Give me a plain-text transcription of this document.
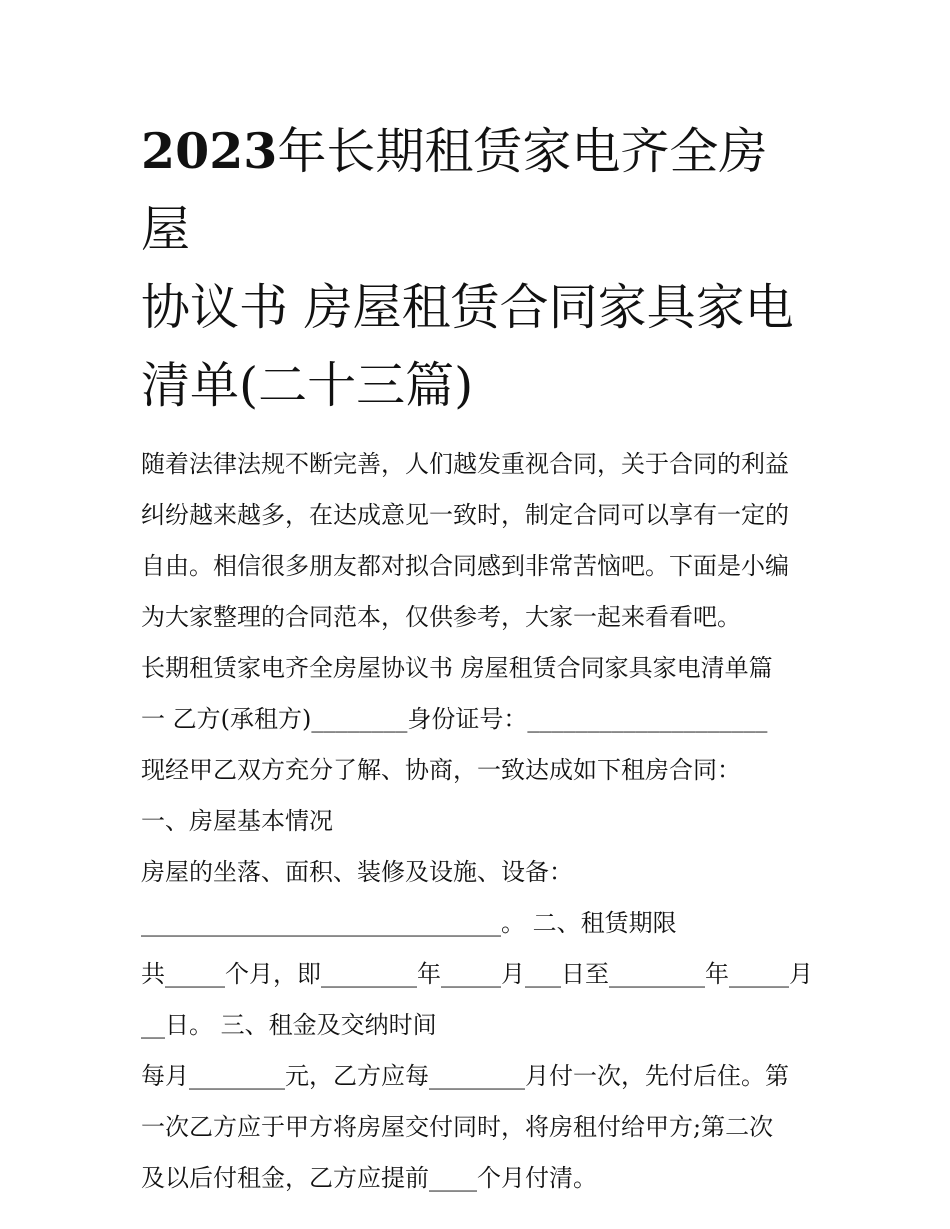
2023年长期租赁家电齐全房屋
协议书 房屋租赁合同家具家电
清单(二十三篇)
随着法律法规不断完善，人们越发重视合同，关于合同的利益
纠纷越来越多，在达成意见一致时，制定合同可以享有一定的
自由。相信很多朋友都对拟合同感到非常苦恼吧。下面是小编
为大家整理的合同范本，仅供参考，大家一起来看看吧。
长期租赁家电齐全房屋协议书 房屋租赁合同家具家电清单篇
一 乙方(承租方)________身份证号：____________________
现经甲乙双方充分了解、协商，一致达成如下租房合同：
一、房屋基本情况
房屋的坐落、面积、装修及设施、设备：
______________________________。 二、租赁期限
共_____个月，即________年_____月___日至________年_____月
__日。 三、租金及交纳时间
每月________元，乙方应每________月付一次，先付后住。第
一次乙方应于甲方将房屋交付同时，将房租付给甲方;第二次
及以后付租金，乙方应提前____个月付清。
